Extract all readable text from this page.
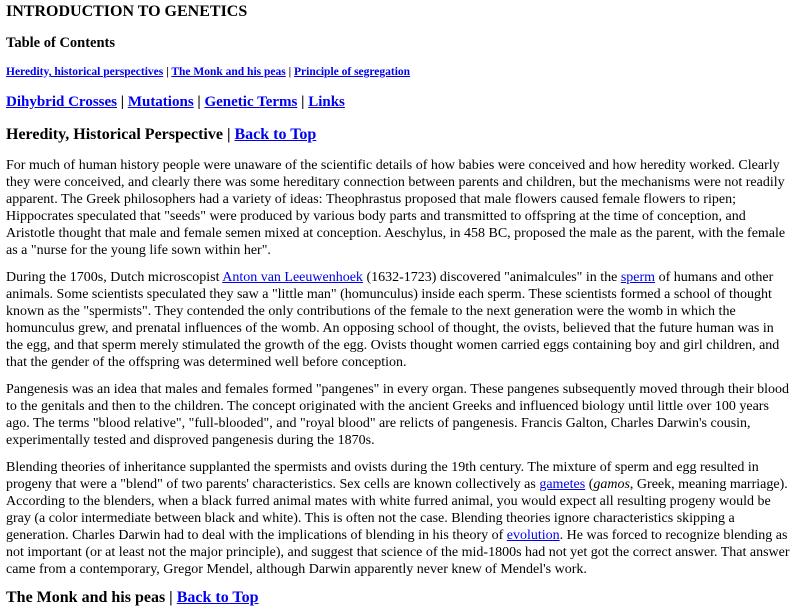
INTRODUCTION TO GENETICS
Table of Contents
Heredity, historical perspectives | The Monk and his peas | Principle of segregation
Dihybrid Crosses | Mutations | Genetic Terms | Links
Heredity, Historical Perspective | Back to Top

For much of human history people were unaware of the scientific details of how babies were conceived and how heredity worked. Clearly they were conceived, and clearly there was some hereditary connection between parents and children, but the mechanisms were not readily apparent. The Greek philosophers had a variety of ideas: Theophrastus proposed that male flowers caused female flowers to ripen; Hippocrates speculated that "seeds" were produced by various body parts and transmitted to offspring at the time of conception, and Aristotle thought that male and female semen mixed at conception. Aeschylus, in 458 BC, proposed the male as the parent, with the female as a "nurse for the young life sown within her".

During the 1700s, Dutch microscopist Anton van Leeuwenhoek (1632-1723) discovered "animalcules" in the sperm of humans and other animals. Some scientists speculated they saw a "little man" (homunculus) inside each sperm. These scientists formed a school of thought known as the "spermists". They contended the only contributions of the female to the next generation were the womb in which the homunculus grew, and prenatal influences of the womb. An opposing school of thought, the ovists, believed that the future human was in the egg, and that sperm merely stimulated the growth of the egg. Ovists thought women carried eggs containing boy and girl children, and that the gender of the offspring was determined well before conception.

Pangenesis was an idea that males and females formed "pangenes" in every organ. These pangenes subsequently moved through their blood to the genitals and then to the children. The concept originated with the ancient Greeks and influenced biology until little over 100 years ago. The terms "blood relative", "full-blooded", and "royal blood" are relicts of pangenesis. Francis Galton, Charles Darwin's cousin, experimentally tested and disproved pangenesis during the 1870s.

Blending theories of inheritance supplanted the spermists and ovists during the 19th century. The mixture of sperm and egg resulted in progeny that were a "blend" of two parents' characteristics. Sex cells are known collectively as gametes (gamos, Greek, meaning marriage). According to the blenders, when a black furred animal mates with white furred animal, you would expect all resulting progeny would be gray (a color intermediate between black and white). This is often not the case. Blending theories ignore characteristics skipping a generation. Charles Darwin had to deal with the implications of blending in his theory of evolution. He was forced to recognize blending as not important (or at least not the major principle), and suggest that science of the mid-1800s had not yet got the correct answer. That answer came from a contemporary, Gregor Mendel, although Darwin apparently never knew of Mendel's work.

The Monk and his peas | Back to Top
